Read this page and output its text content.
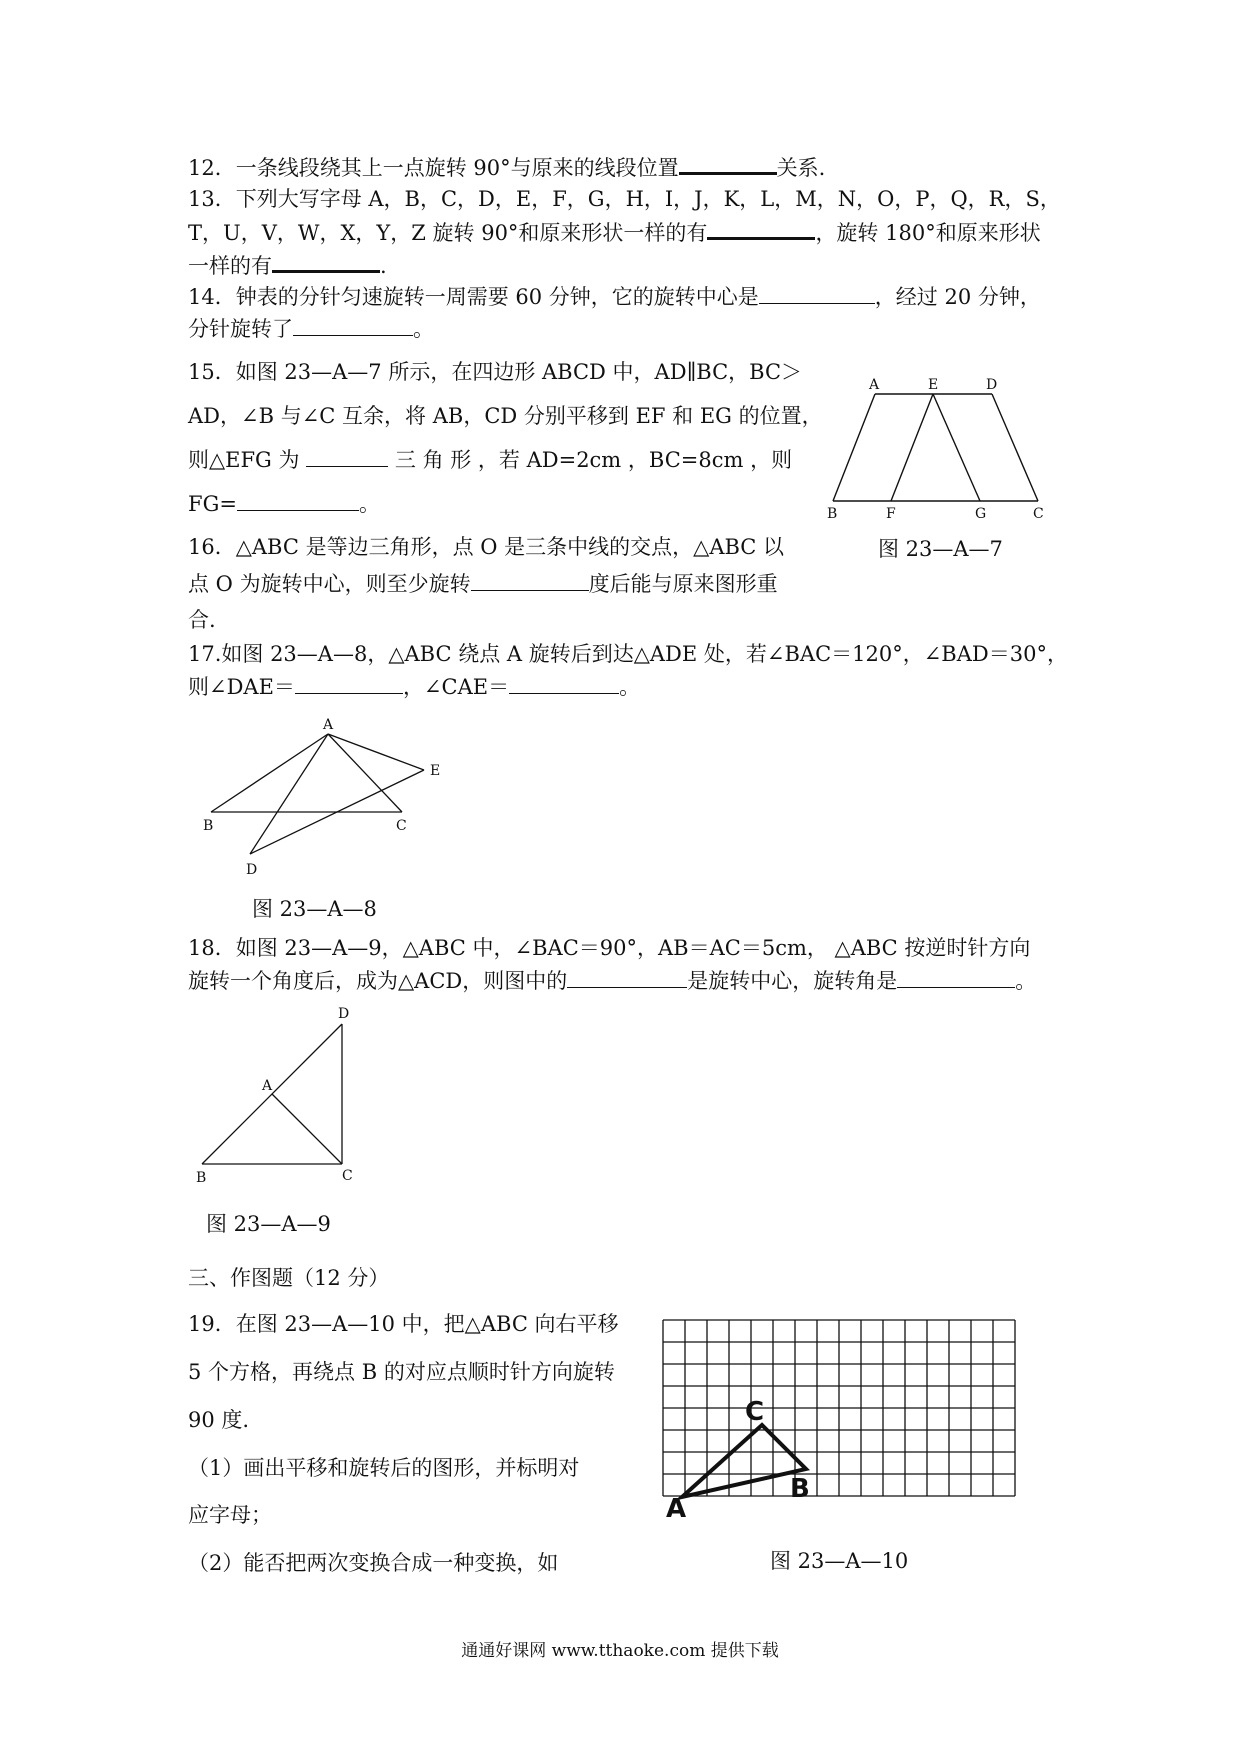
12．一条线段绕其上一点旋转 90°与原来的线段位置	关系.
13．下列大写字母 A，B，C，D，E，F，G，H，I，J，K，L，M，N，O，P，Q，R，S，
T，U，V，W，X，Y，Z 旋转 90°和原来形状一样的有	，旋转 180°和原来形状
一样的有	.
14．钟表的分针匀速旋转一周需要 60 分钟，它的旋转中心是	，经过 20 分钟，
分针旋转了	。
15．如图 23—A—7 所示，在四边形 ABCD 中，AD∥BC，BC＞
AD，∠B 与∠C 互余，将 AB，CD 分别平移到 EF 和 EG 的位置，
则△EFG 为	三 角 形 ，若 AD=2cm ，BC=8cm ，则
FG=	。
A	E	D
B	F	G	C
图 23—A—7
16．△ABC 是等边三角形，点 O 是三条中线的交点，△ABC 以
点 O 为旋转中心，则至少旋转	度后能与原来图形重
合.
17.如图 23—A—8，△ABC 绕点 A 旋转后到达△ADE 处，若∠BAC＝120°，∠BAD＝30°，
则∠DAE＝	，∠CAE＝	。
A
E
B	C
D
图 23—A—8
18．如图 23—A—9，△ABC 中，∠BAC＝90°，AB＝AC＝5cm， △ABC 按逆时针方向
旋转一个角度后，成为△ACD，则图中的	是旋转中心，旋转角是	。
D
A
B	C
图 23—A—9
三、作图题（12 分）
19．在图 23—A—10 中，把△ABC 向右平移
5 个方格，再绕点 B 的对应点顺时针方向旋转
90 度.
（1）画出平移和旋转后的图形，并标明对
应字母；
（2）能否把两次变换合成一种变换，如
C
A
B
图 23—A—10
通通好课网 www.tthaoke.com 提供下载
